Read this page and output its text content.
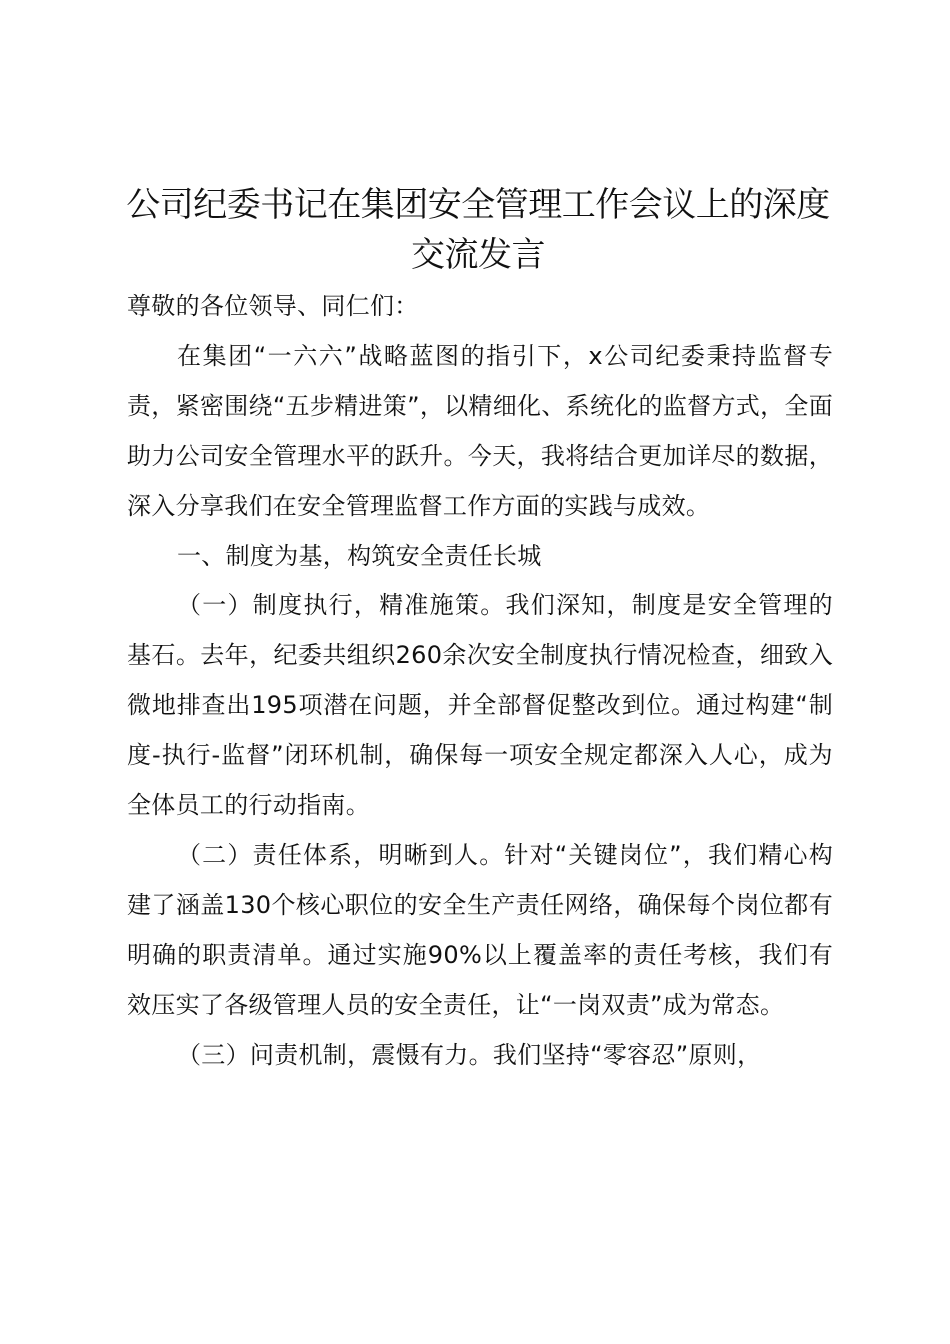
公司纪委书记在集团安全管理工作会议上的深度交流发言

尊敬的各位领导、同仁们：

在集团“一六六”战略蓝图的指引下，x公司纪委秉持监督专责，紧密围绕“五步精进策”，以精细化、系统化的监督方式，全面助力公司安全管理水平的跃升。今天，我将结合更加详尽的数据，深入分享我们在安全管理监督工作方面的实践与成效。

一、制度为基，构筑安全责任长城

（一）制度执行，精准施策。我们深知，制度是安全管理的基石。去年，纪委共组织260余次安全制度执行情况检查，细致入微地排查出195项潜在问题，并全部督促整改到位。通过构建“制度-执行-监督”闭环机制，确保每一项安全规定都深入人心，成为全体员工的行动指南。

（二）责任体系，明晰到人。针对“关键岗位”，我们精心构建了涵盖130个核心职位的安全生产责任网络，确保每个岗位都有明确的职责清单。通过实施90%以上覆盖率的责任考核，我们有效压实了各级管理人员的安全责任，让“一岗双责”成为常态。

（三）问责机制，震慑有力。我们坚持“零容忍”原则，
